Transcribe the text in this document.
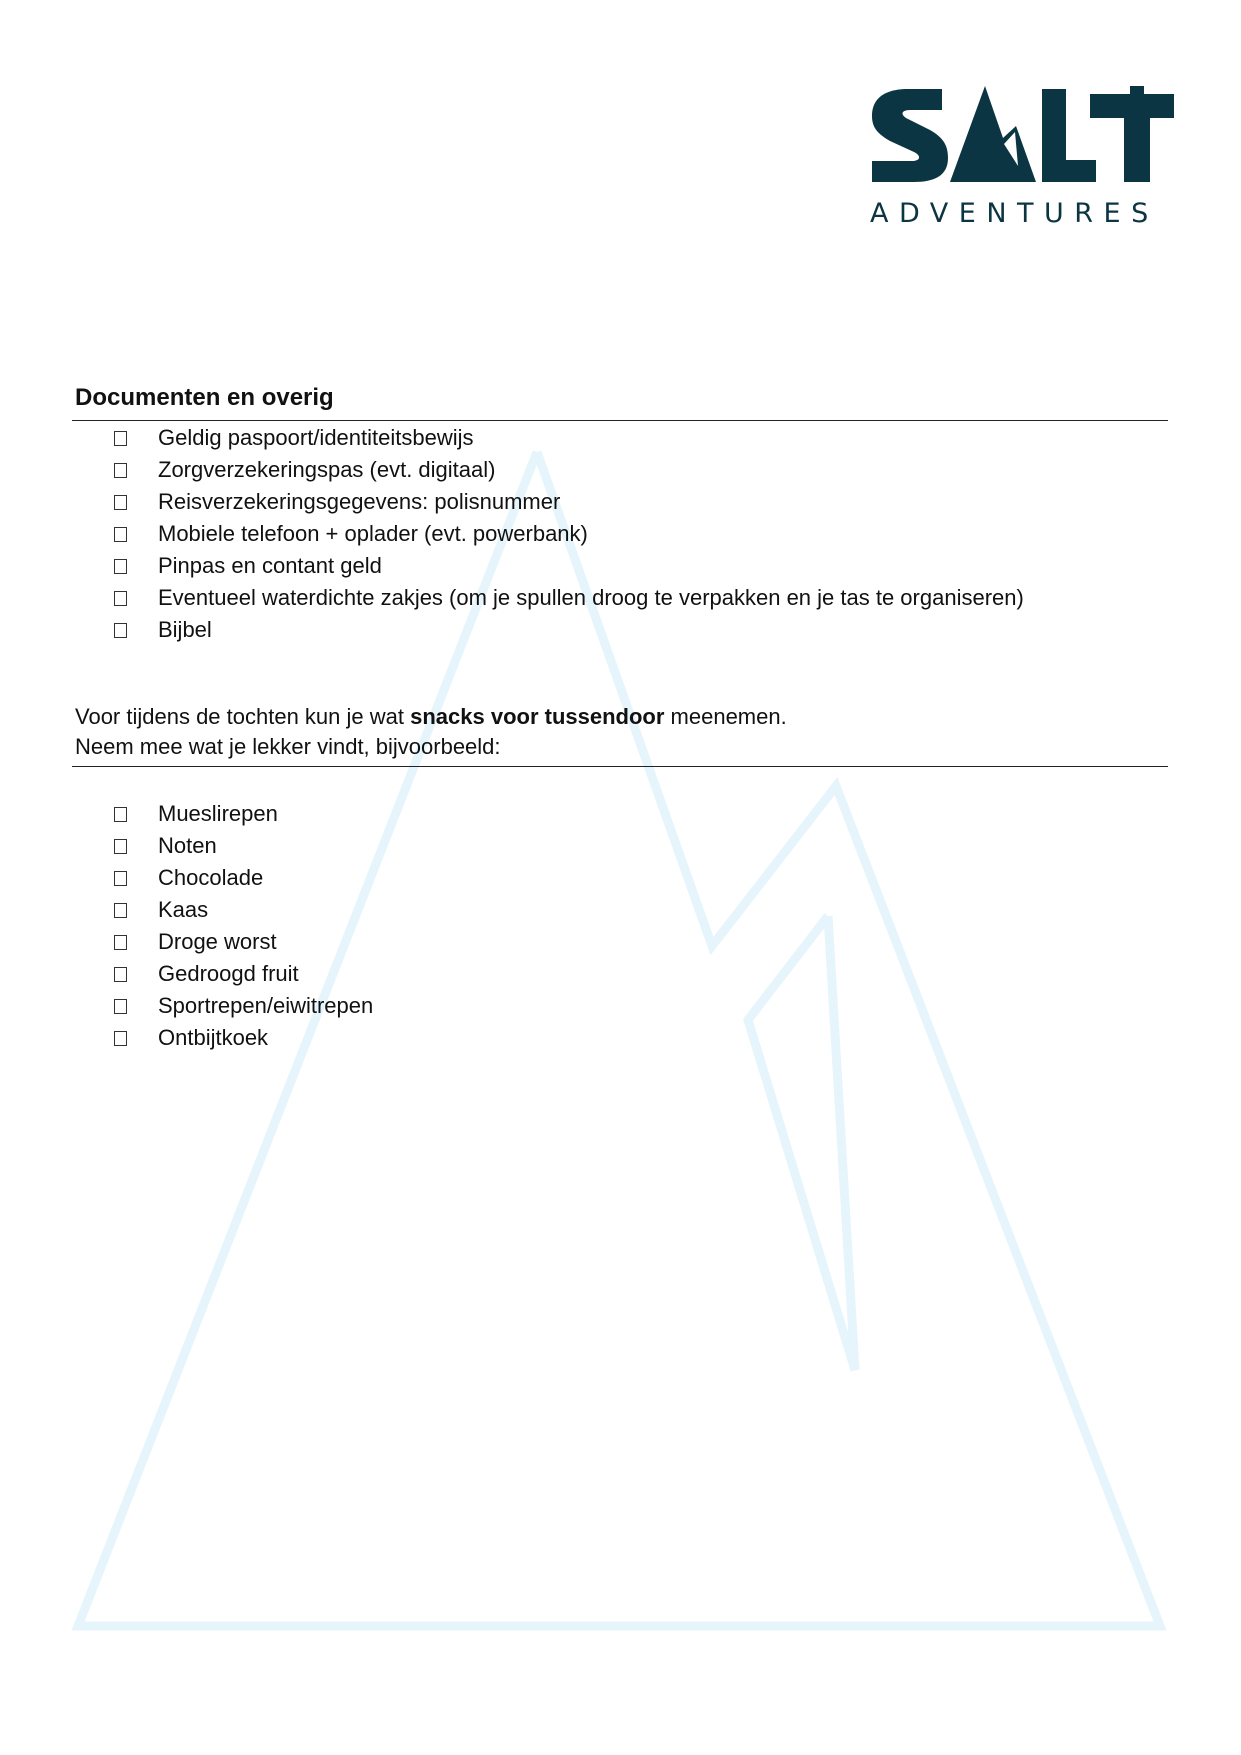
ADVENTURES
Documenten en overig
Geldig paspoort/identiteitsbewijs
Zorgverzekeringspas (evt. digitaal)
Reisverzekeringsgegevens: polisnummer
Mobiele telefoon + oplader (evt. powerbank)
Pinpas en contant geld
Eventueel waterdichte zakjes (om je spullen droog te verpakken en je tas te organiseren)
Bijbel
Voor tijdens de tochten kun je wat snacks voor tussendoor meenemen.
Neem mee wat je lekker vindt, bijvoorbeeld:
Mueslirepen
Noten
Chocolade
Kaas
Droge worst
Gedroogd fruit
Sportrepen/eiwitrepen
Ontbijtkoek
